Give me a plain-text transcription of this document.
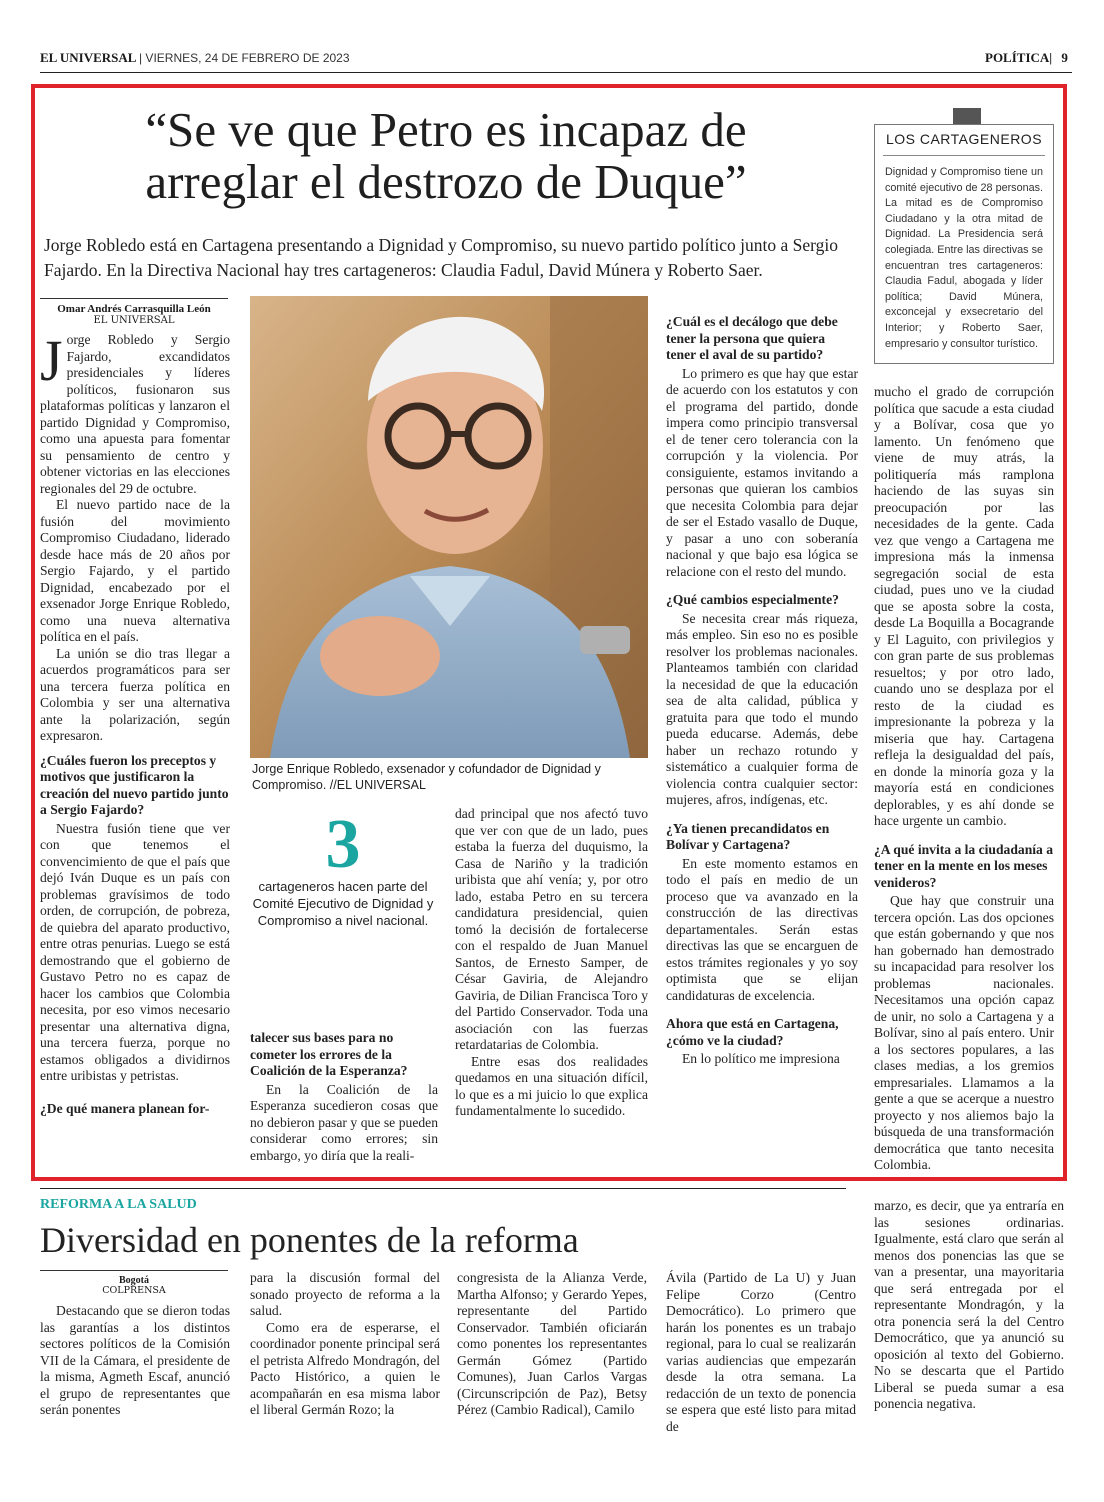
EL UNIVERSAL | VIERNES, 24 DE FEBRERO DE 2023	POLÍTICA| 9
“Se ve que Petro es incapaz de
arreglar el destrozo de Duque”
Jorge Robledo está en Cartagena presentando a Dignidad y Compromiso, su nuevo partido político junto a Sergio Fajardo. En la Directiva Nacional hay tres cartageneros: Claudia Fadul, David Múnera y Roberto Saer.
LOS CARTAGENEROS
Dignidad y Compromiso tiene un comité ejecutivo de 28 personas. La mitad es de Compromiso Ciudadano y la otra mitad de Dignidad. La Presidencia será colegiada. Entre las directivas se encuentran tres cartageneros: Claudia Fadul, abogada y líder política; David Múnera, exconcejal y exsecretario del Interior; y Roberto Saer, empresario y consultor turístico.
Omar Andrés Carrasquilla León
EL UNIVERSAL

Jorge Robledo y Sergio Fajardo, excandidatos presidenciales y líderes políticos, fusionaron sus plataformas políticas y lanzaron el partido Dignidad y Compromiso, como una apuesta para fomentar su pensamiento de centro y obtener victorias en las elecciones regionales del 29 de octubre.

El nuevo partido nace de la fusión del movimiento Compromiso Ciudadano, liderado desde hace más de 20 años por Sergio Fajardo, y el partido Dignidad, encabezado por el exsenador Jorge Enrique Robledo, como una nueva alternativa política en el país.

La unión se dio tras llegar a acuerdos programáticos para ser una tercera fuerza política en Colombia y ser una alternativa ante la polarización, según expresaron.

¿Cuáles fueron los preceptos y motivos que justificaron la creación del nuevo partido junto a Sergio Fajardo?

Nuestra fusión tiene que ver con que tenemos el convencimiento de que el país que dejó Iván Duque es un país con problemas gravísimos de todo orden, de corrupción, de pobreza, de quiebra del aparato productivo, entre otras penurias. Luego se está demostrando que el gobierno de Gustavo Petro no es capaz de hacer los cambios que Colombia necesita, por eso vimos necesario presentar una alternativa digna, una tercera fuerza, porque no estamos obligados a dividirnos entre uribistas y petristas.

¿De qué manera planean for-
Jorge Enrique Robledo, exsenador y cofundador de Dignidad y Compromiso. //EL UNIVERSAL
3
cartageneros hacen parte del Comité Ejecutivo de Dignidad y Compromiso a nivel nacional.
talecer sus bases para no cometer los errores de la Coalición de la Esperanza?

En la Coalición de la Esperanza sucedieron cosas que no debieron pasar y que se pueden considerar como errores; sin embargo, yo diría que la reali-

dad principal que nos afectó tuvo que ver con que de un lado, pues estaba la fuerza del duquismo, la Casa de Nariño y la tradición uribista que ahí venía; y, por otro lado, estaba Petro en su tercera candidatura presidencial, quien tomó la decisión de fortalecerse con el respaldo de Juan Manuel Santos, de Ernesto Samper, de César Gaviria, de Alejandro Gaviria, de Dilian Francisca Toro y del Partido Conservador. Toda una asociación con las fuerzas retardatarias de Colombia.

Entre esas dos realidades quedamos en una situación difícil, lo que es a mi juicio lo que explica fundamentalmente lo sucedido.

¿Cuál es el decálogo que debe tener la persona que quiera tener el aval de su partido?

Lo primero es que hay que estar de acuerdo con los estatutos y con el programa del partido, donde impera como principio transversal el de tener cero tolerancia con la corrupción y la violencia. Por consiguiente, estamos invitando a personas que quieran los cambios que necesita Colombia para dejar de ser el Estado vasallo de Duque, y pasar a uno con soberanía nacional y que bajo esa lógica se relacione con el resto del mundo.

¿Qué cambios especialmente?

Se necesita crear más riqueza, más empleo. Sin eso no es posible resolver los problemas nacionales. Planteamos también con claridad la necesidad de que la educación sea de alta calidad, pública y gratuita para que todo el mundo pueda educarse. Además, debe haber un rechazo rotundo y sistemático a cualquier forma de violencia contra cualquier sector: mujeres, afros, indígenas, etc.

¿Ya tienen precandidatos en Bolívar y Cartagena?

En este momento estamos en todo el país en medio de un proceso que va avanzado en la construcción de las directivas departamentales. Serán estas directivas las que se encarguen de estos trámites regionales y yo soy optimista que se elijan candidaturas de excelencia.

Ahora que está en Cartagena, ¿cómo ve la ciudad?

En lo político me impresiona

mucho el grado de corrupción política que sacude a esta ciudad y a Bolívar, cosa que yo lamento. Un fenómeno que viene de muy atrás, la politiquería más ramplona haciendo de las suyas sin preocupación por las necesidades de la gente. Cada vez que vengo a Cartagena me impresiona más la inmensa segregación social de esta ciudad, pues uno ve la ciudad que se aposta sobre la costa, desde La Boquilla a Bocagrande y El Laguito, con privilegios y con gran parte de sus problemas resueltos; y por otro lado, cuando uno se desplaza por el resto de la ciudad es impresionante la pobreza y la miseria que hay. Cartagena refleja la desigualdad del país, en donde la minoría goza y la mayoría está en condiciones deplorables, y es ahí donde se hace urgente un cambio.

¿A qué invita a la ciudadanía a tener en la mente en los meses venideros?

Que hay que construir una tercera opción. Las dos opciones que están gobernando y que nos han gobernado han demostrado su incapacidad para resolver los problemas nacionales. Necesitamos una opción capaz de unir, no solo a Cartagena y a Bolívar, sino al país entero. Unir a los sectores populares, a las clases medias, a los gremios empresariales. Llamamos a la gente a que se acerque a nuestro proyecto y nos aliemos bajo la búsqueda de una transformación democrática que tanto necesita Colombia.

REFORMA A LA SALUD
Diversidad en ponentes de la reforma
Bogotá
COLPRENSA

Destacando que se dieron todas las garantías a los distintos sectores políticos de la Comisión VII de la Cámara, el presidente de la misma, Agmeth Escaf, anunció el grupo de representantes que serán ponentes

para la discusión formal del sonado proyecto de reforma a la salud.

Como era de esperarse, el coordinador ponente principal será el petrista Alfredo Mondragón, del Pacto Histórico, a quien le acompañarán en esa misma labor el liberal Germán Rozo; la

congresista de la Alianza Verde, Martha Alfonso; y Gerardo Yepes, representante del Partido Conservador. También oficiarán como ponentes los representantes Germán Gómez (Partido Comunes), Juan Carlos Vargas (Circunscripción de Paz), Betsy Pérez (Cambio Radical), Camilo

Ávila (Partido de La U) y Juan Felipe Corzo (Centro Democrático). Lo primero que harán los ponentes es un trabajo regional, para lo cual se realizarán varias audiencias que empezarán desde la otra semana. La redacción de un texto de ponencia se espera que esté listo para mitad de

marzo, es decir, que ya entraría en las sesiones ordinarias. Igualmente, está claro que serán al menos dos ponencias las que se van a presentar, una mayoritaria que será entregada por el representante Mondragón, y la otra ponencia será la del Centro Democrático, que ya anunció su oposición al texto del Gobierno. No se descarta que el Partido Liberal se pueda sumar a esa ponencia negativa.
